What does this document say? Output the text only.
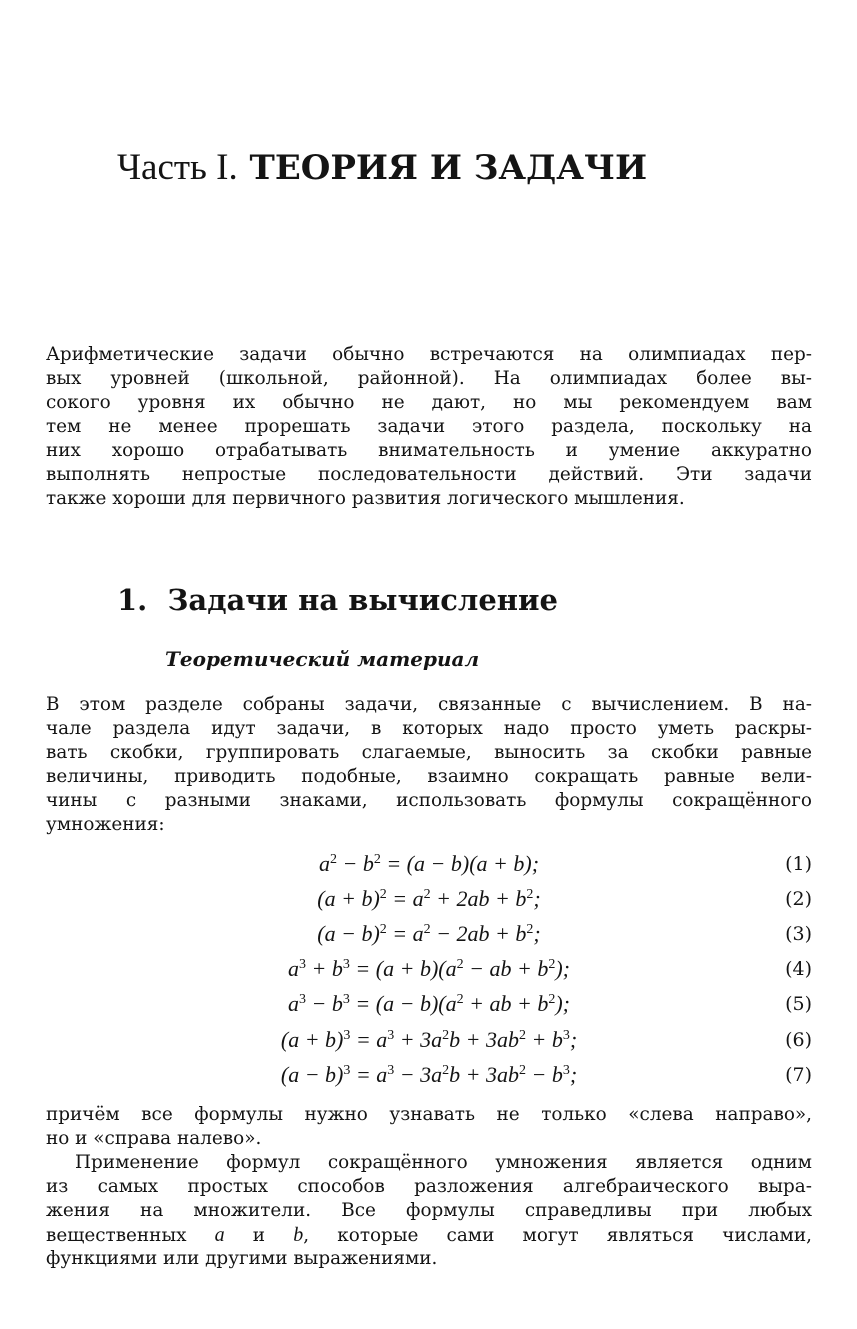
Часть I. ТЕОРИЯ И ЗАДАЧИ
Арифметические задачи обычно встречаются на олимпиадах пер-
вых уровней (школьной, районной). На олимпиадах более вы-
сокого уровня их обычно не дают, но мы рекомендуем вам
тем не менее прорешать задачи этого раздела, поскольку на
них хорошо отрабатывать внимательность и умение аккуратно
выполнять непростые последовательности действий. Эти задачи
также хороши для первичного развития логического мышления.
1. Задачи на вычисление
Теоретический материал
В этом разделе собраны задачи, связанные с вычислением. В на-
чале раздела идут задачи, в которых надо просто уметь раскры-
вать скобки, группировать слагаемые, выносить за скобки равные
величины, приводить подобные, взаимно сокращать равные вели-
чины с разными знаками, использовать формулы сокращённого
умножения:
$a^2 - b^2 = (a - b)(a + b)$;	(1)
$(a + b)^2 = a^2 + 2ab + b^2$;	(2)
$(a - b)^2 = a^2 - 2ab + b^2$;	(3)
$a^3 + b^3 = (a + b)(a^2$ − ab + $b^2$);	(4)
$a^3 - b^3 = (a - b)(a^2$ + ab + $b^2$);	(5)
$(a + b)^3 = a^3 + 3a^2b + 3ab^2 + b^3$;	(6)
$(a - b)^3 = a^3 - 3a^2b + 3ab^2 - b^3$;	(7)
причём все формулы нужно узнавать не только «слева направо»,
но и «справа налево».
Применение формул сокращённого умножения является одним
из самых простых способов разложения алгебраического выра-
жения на множители. Все формулы справедливы при любых
вещественных a и b, которые сами могут являться числами,
функциями или другими выражениями.
